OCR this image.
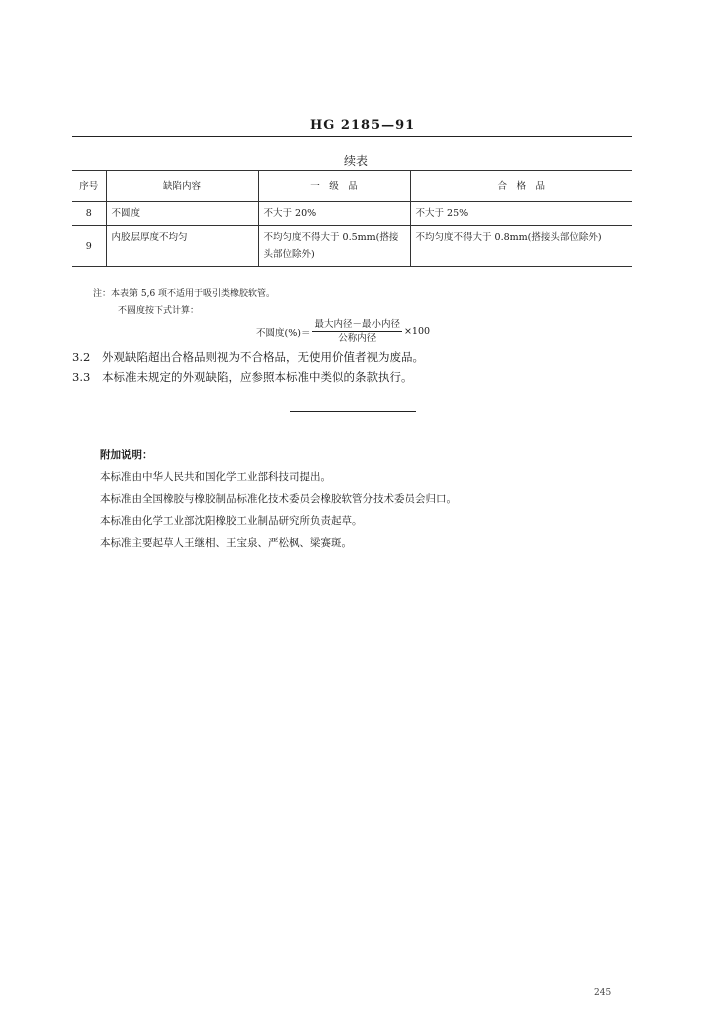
HG 2185—91
续表
序号	缺陷内容	一　级　品	合　格　品
8	不圆度	不大于 20%	不大于 25%
9	内胶层厚度不均匀	不均匀度不得大于 0.5mm(搭接头部位除外)	不均匀度不得大于 0.8mm(搭接头部位除外)
注：本表第 5,6 项不适用于吸引类橡胶软管。
不圆度按下式计算：
不圆度(%)＝ $\frac{\text{最大内径－最小内径}}{\text{公称内径}} \times 100$
3.2 外观缺陷超出合格品则视为不合格品，无使用价值者视为废品。
3.3 本标准未规定的外观缺陷，应参照本标准中类似的条款执行。
附加说明：
本标准由中华人民共和国化学工业部科技司提出。
本标准由全国橡胶与橡胶制品标准化技术委员会橡胶软管分技术委员会归口。
本标准由化学工业部沈阳橡胶工业制品研究所负责起草。
本标准主要起草人王继相、王宝泉、严松枫、梁赛斑。
245
